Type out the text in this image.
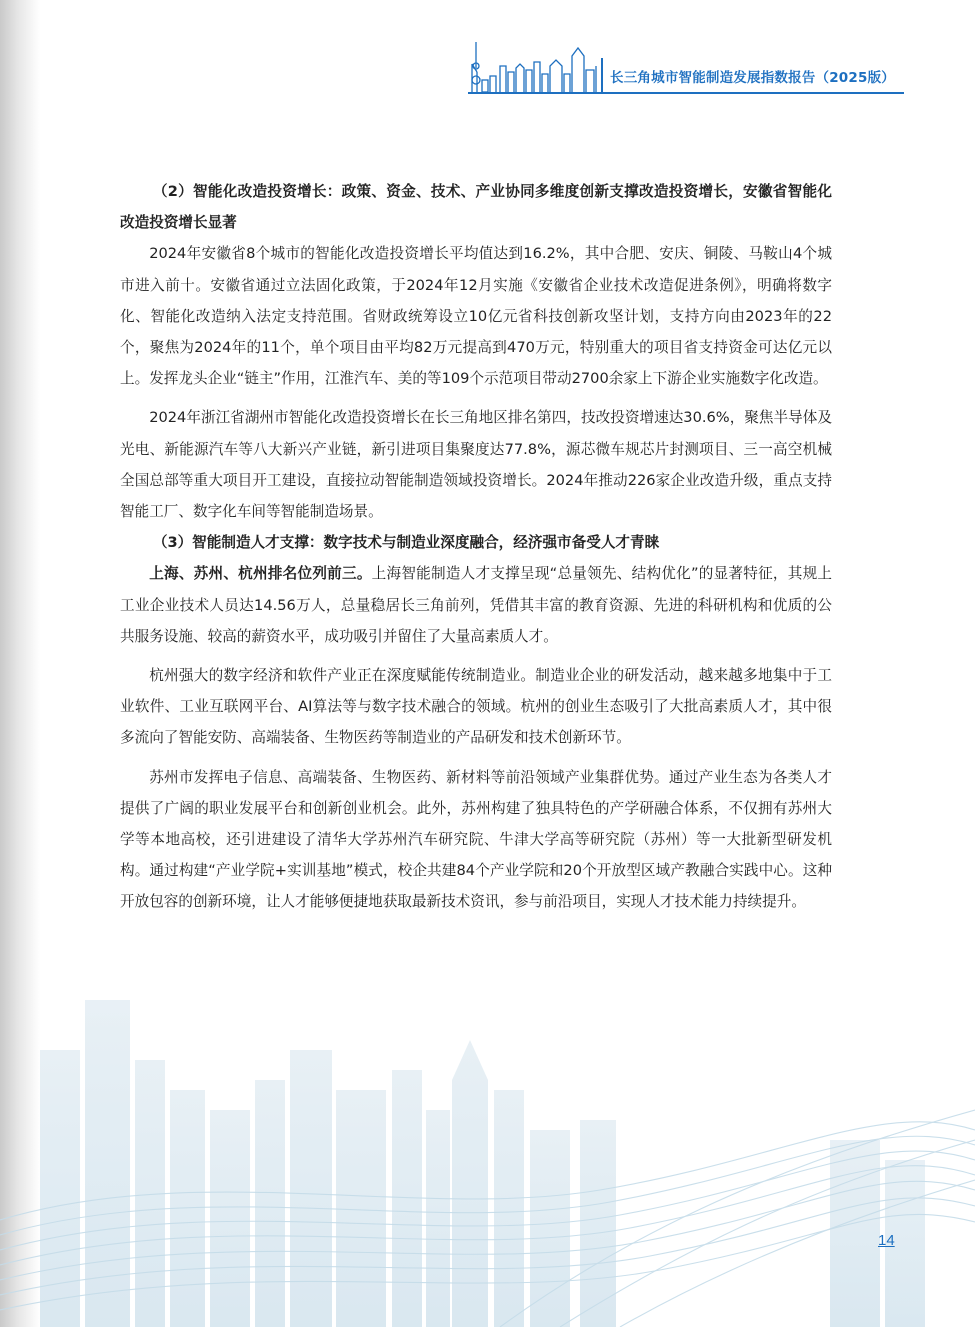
长三角城市智能制造发展指数报告（2025版）

（2）智能化改造投资增长：政策、资金、技术、产业协同多维度创新支撑改造投资增长，安徽省智能化改造投资增长显著

2024年安徽省8个城市的智能化改造投资增长平均值达到16.2%，其中合肥、安庆、铜陵、马鞍山4个城市进入前十。安徽省通过立法固化政策，于2024年12月实施《安徽省企业技术改造促进条例》，明确将数字化、智能化改造纳入法定支持范围。省财政统筹设立10亿元省科技创新攻坚计划，支持方向由2023年的22个，聚焦为2024年的11个，单个项目由平均82万元提高到470万元，特别重大的项目省支持资金可达亿元以上。发挥龙头企业“链主”作用，江淮汽车、美的等109个示范项目带动2700余家上下游企业实施数字化改造。

2024年浙江省湖州市智能化改造投资增长在长三角地区排名第四，技改投资增速达30.6%，聚焦半导体及光电、新能源汽车等八大新兴产业链，新引进项目集聚度达77.8%，源芯微车规芯片封测项目、三一高空机械全国总部等重大项目开工建设，直接拉动智能制造领域投资增长。2024年推动226家企业改造升级，重点支持智能工厂、数字化车间等智能制造场景。

（3）智能制造人才支撑：数字技术与制造业深度融合，经济强市备受人才青睐

上海、苏州、杭州排名位列前三。上海智能制造人才支撑呈现“总量领先、结构优化”的显著特征，其规上工业企业技术人员达14.56万人，总量稳居长三角前列，凭借其丰富的教育资源、先进的科研机构和优质的公共服务设施、较高的薪资水平，成功吸引并留住了大量高素质人才。

杭州强大的数字经济和软件产业正在深度赋能传统制造业。制造业企业的研发活动，越来越多地集中于工业软件、工业互联网平台、AI算法等与数字技术融合的领域。杭州的创业生态吸引了大批高素质人才，其中很多流向了智能安防、高端装备、生物医药等制造业的产品研发和技术创新环节。

苏州市发挥电子信息、高端装备、生物医药、新材料等前沿领域产业集群优势。通过产业生态为各类人才提供了广阔的职业发展平台和创新创业机会。此外，苏州构建了独具特色的产学研融合体系，不仅拥有苏州大学等本地高校，还引进建设了清华大学苏州汽车研究院、牛津大学高等研究院（苏州）等一大批新型研发机构。通过构建“产业学院+实训基地”模式，校企共建84个产业学院和20个开放型区域产教融合实践中心。这种开放包容的创新环境，让人才能够便捷地获取最新技术资讯，参与前沿项目，实现人才技术能力持续提升。

14
